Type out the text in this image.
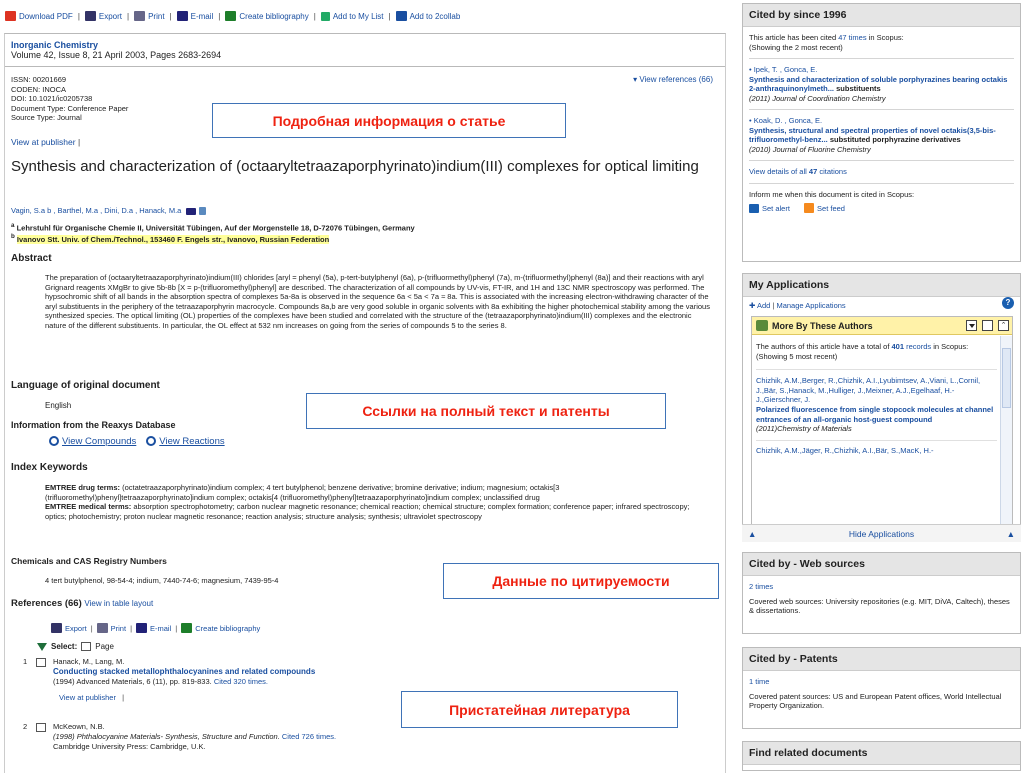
Download PDF | Export | Print | E-mail | Create bibliography | Add to My List | Add to 2collab
Inorganic Chemistry
Volume 42, Issue 8, 21 April 2003, Pages 2683-2694
ISSN: 00201669
CODEN: INOCA
DOI: 10.1021/ic0205738
Document Type: Conference Paper
Source Type: Journal
▾ View references (66)
View at publisher |
Synthesis and characterization of (octaaryltetraazaporphyrinato)indium(III) complexes for optical limiting
Vagin, S.a b , Barthel, M.a , Dini, D.a , Hanack, M.a
$^a$ Lehrstuhl für Organische Chemie II, Universität Tübingen, Auf der Morgenstelle 18, D-72076 Tübingen, Germany
$^b$ Ivanovo Stt. Univ. of Chem./Technol., 153460 F. Engels str., Ivanovo, Russian Federation
Abstract
The preparation of (octaaryltetraazaporphyrinato)indium(III) chlorides [aryl = phenyl (5a), p-tert-butylphenyl (6a), p-(trifluormethyl)phenyl (7a), m-(trifluormethyl)phenyl (8a)] and their reactions with aryl Grignard reagents XMgBr to give 5b-8b [X = p-(trifluoromethyl)phenyl] are described. The characterization of all compounds by UV-vis, FT-IR, and 1H and 13C NMR spectroscopy was performed. The hypsochromic shift of all bands in the absorption spectra of complexes 5a-8a is observed in the sequence 6a < 5a < 7a ≈ 8a. This is associated with the increasing electron-withdrawing character of the aryl substituents in the periphery of the tetraazaporphyrin macrocycle. Compounds 8a,b are very good soluble in organic solvents with 8a exhibiting the higher photochemical stability among the various synthesized species. The optical limiting (OL) properties of the complexes have been studied and correlated with the structure of the (tetraazaporphyrinato)indium(III) complexes and the electronic nature of the different substituents. In particular, the OL effect at 532 nm increases on going from the series of compounds 5 to the series 8.
Language of original document
English
Information from the Reaxys Database
View Compounds	View Reactions
Index Keywords
EMTREE drug terms: (octatetraazaporphyrinato)indium complex; 4 tert butylphenol; benzene derivative; bromine derivative; indium; magnesium; octakis[3 (trifluoromethyl)phenyl]tetraazaporphyrinato]indium complex; octakis[4 (trifluoromethyl)phenyl]tetraazaporphyrinato]indium complex; unclassified drug
EMTREE medical terms: absorption spectrophotometry; carbon nuclear magnetic resonance; chemical reaction; chemical structure; complex formation; conference paper; infrared spectroscopy; optics; photochemistry; proton nuclear magnetic resonance; reaction analysis; structure analysis; synthesis; ultraviolet spectroscopy
Chemicals and CAS Registry Numbers
4 tert butylphenol, 98-54-4; indium, 7440-74-6; magnesium, 7439-95-4
References (66) View in table layout
Export |	Print |	E-mail |	Create bibliography
Select: Page
1	Hanack, M., Lang, M.
Conducting stacked metallophthalocyanines and related compounds
(1994) Advanced Materials, 6 (11), pp. 819-833. Cited 320 times.
View at publisher |
2	McKeown, N.B.
(1998) Phthalocyanine Materials- Synthesis, Structure and Function. Cited 726 times.
Cambridge University Press: Cambridge, U.K.
Подробная информация о статье
Ссылки на полный текст и патенты
Данные по цитируемости
Пристатейная литература
Cited by since 1996
This article has been cited 47 times in Scopus:
(Showing the 2 most recent)
• Ipek, T. , Gonca, E.
Synthesis and characterization of soluble porphyrazines bearing octakis 2-anthraquinonylmeth... substituents
(2011) Journal of Coordination Chemistry
• Koak, D. , Gonca, E.
Synthesis, structural and spectral properties of novel octakis(3,5-bis- trifluoromethyl-benz... substituted porphyrazine derivatives
(2010) Journal of Fluorine Chemistry
View details of all 47 citations
Inform me when this document is cited in Scopus:
Set alert	Set feed
My Applications
✚ Add | Manage Applications	?
More By These Authors	⌃
The authors of this article have a total of 401 records in Scopus:
(Showing 5 most recent)
Chizhik, A.M.,Berger, R.,Chizhik, A.I.,Lyubimtsev, A.,Viani, L.,Cornil, J.,Bär, S.,Hanack, M.,Hulliger, J.,Meixner, A.J.,Egelhaaf, H.-J.,Gierschner, J.
Polarized fluorescence from single stopcock molecules at channel entrances of an all-organic host-guest compound
(2011)Chemistry of Materials
Chizhik, A.M.,Jäger, R.,Chizhik, A.I.,Bär, S.,MacK, H.-
▲	Hide Applications	▲
Cited by - Web sources
2 times
Covered web sources: University repositories (e.g. MIT, DiVA, Caltech), theses & dissertations.
Cited by - Patents
1 time
Covered patent sources: US and European Patent offices, World Intellectual Property Organization.
Find related documents
